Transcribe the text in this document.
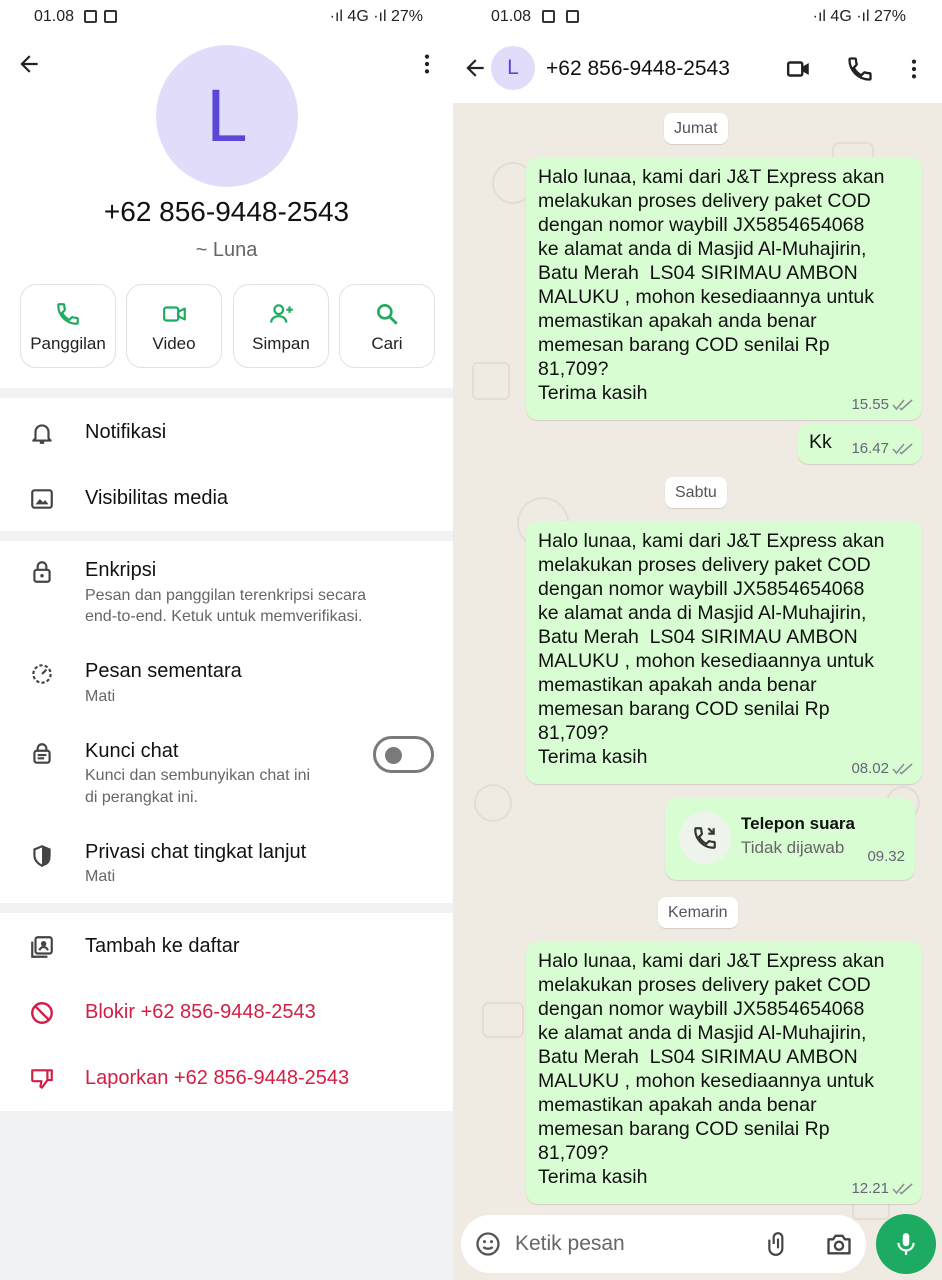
01.08	·ıl 4G ·ıl 27%
L
+62 856-9448-2543
~ Luna
Panggilan	Video	Simpan	Cari
Notifikasi
Visibilitas media
Enkripsi
Pesan dan panggilan terenkripsi secara
end-to-end. Ketuk untuk memverifikasi.
Pesan sementara
Mati
Kunci chat
Kunci dan sembunyikan chat ini
di perangkat ini.
Privasi chat tingkat lanjut
Mati
Tambah ke daftar
Blokir +62 856-9448-2543
Laporkan +62 856-9448-2543
01.08	·ıl 4G ·ıl 27%
L	+62 856-9448-2543
Jumat
Halo lunaa, kami dari J&T Express akan
melakukan proses delivery paket COD
dengan nomor waybill JX5854654068
ke alamat anda di Masjid Al-Muhajirin,
Batu Merah  LS04 SIRIMAU AMBON
MALUKU , mohon kesediaannya untuk
memastikan apakah anda benar
memesan barang COD senilai Rp
81,709?
Terima kasih
15.55
Kk 16.47
Sabtu
Halo lunaa, kami dari J&T Express akan
melakukan proses delivery paket COD
dengan nomor waybill JX5854654068
ke alamat anda di Masjid Al-Muhajirin,
Batu Merah  LS04 SIRIMAU AMBON
MALUKU , mohon kesediaannya untuk
memastikan apakah anda benar
memesan barang COD senilai Rp
81,709?
Terima kasih
08.02
Telepon suara
Tidak dijawab 09.32
Kemarin
Halo lunaa, kami dari J&T Express akan
melakukan proses delivery paket COD
dengan nomor waybill JX5854654068
ke alamat anda di Masjid Al-Muhajirin,
Batu Merah  LS04 SIRIMAU AMBON
MALUKU , mohon kesediaannya untuk
memastikan apakah anda benar
memesan barang COD senilai Rp
81,709?
Terima kasih
12.21
Ketik pesan
